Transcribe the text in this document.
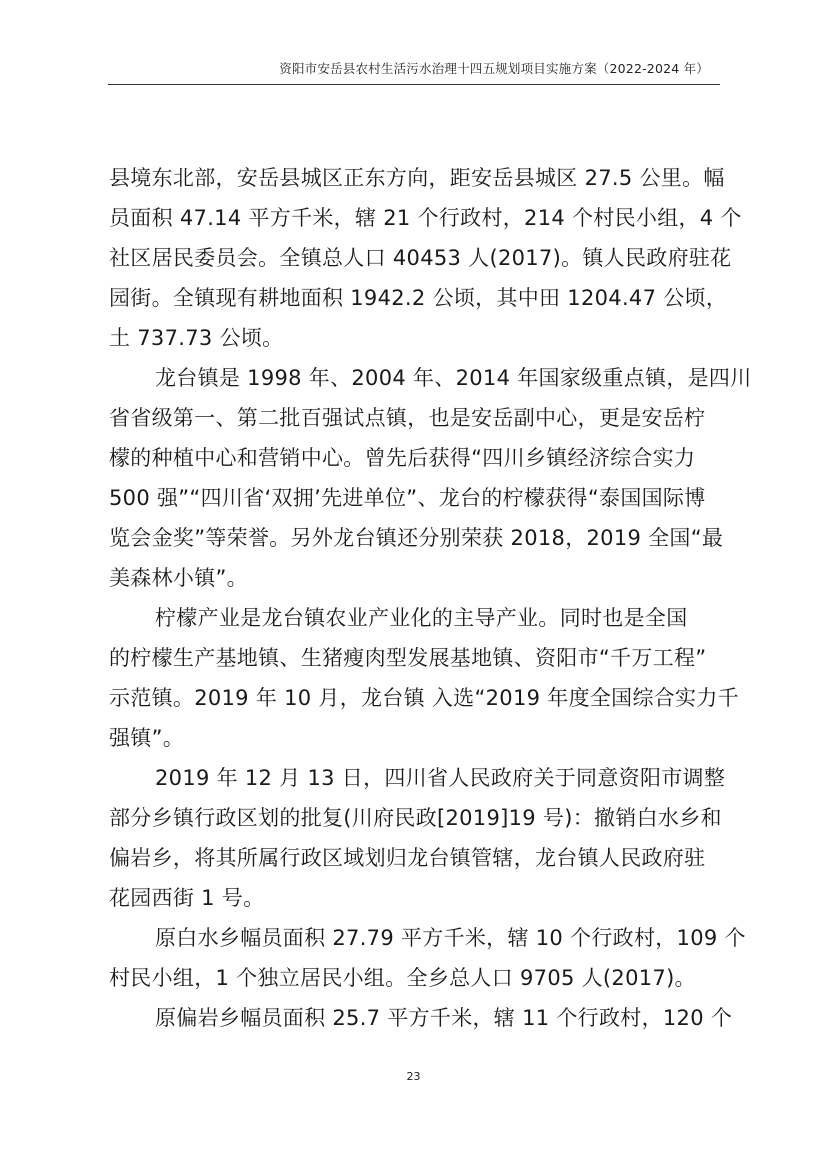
资阳市安岳县农村生活污水治理十四五规划项目实施方案（2022-2024 年）
县境东北部，安岳县城区正东方向，距安岳县城区 27.5 公里。幅
员面积 47.14 平方千米，辖 21 个行政村，214 个村民小组，4 个
社区居民委员会。全镇总人口 40453 人(2017)。镇人民政府驻花
园街。全镇现有耕地面积 1942.2 公顷，其中田 1204.47 公顷，
土 737.73 公顷。
龙台镇是 1998 年、2004 年、2014 年国家级重点镇，是四川
省省级第一、第二批百强试点镇，也是安岳副中心，更是安岳柠
檬的种植中心和营销中心。曾先后获得“四川乡镇经济综合实力
500 强”“四川省‘双拥’先进单位”、龙台的柠檬获得“泰国国际博
览会金奖”等荣誉。另外龙台镇还分别荣获 2018，2019 全国“最
美森林小镇”。
柠檬产业是龙台镇农业产业化的主导产业。同时也是全国
的柠檬生产基地镇、生猪瘦肉型发展基地镇、资阳市“千万工程”
示范镇。2019 年 10 月，龙台镇 入选“2019 年度全国综合实力千
强镇”。
2019 年 12 月 13 日，四川省人民政府关于同意资阳市调整
部分乡镇行政区划的批复(川府民政[2019]19 号)：撤销白水乡和
偏岩乡，将其所属行政区域划归龙台镇管辖，龙台镇人民政府驻
花园西街 1 号。
原白水乡幅员面积 27.79 平方千米，辖 10 个行政村，109 个
村民小组，1 个独立居民小组。全乡总人口 9705 人(2017)。
原偏岩乡幅员面积 25.7 平方千米，辖 11 个行政村，120 个
23
